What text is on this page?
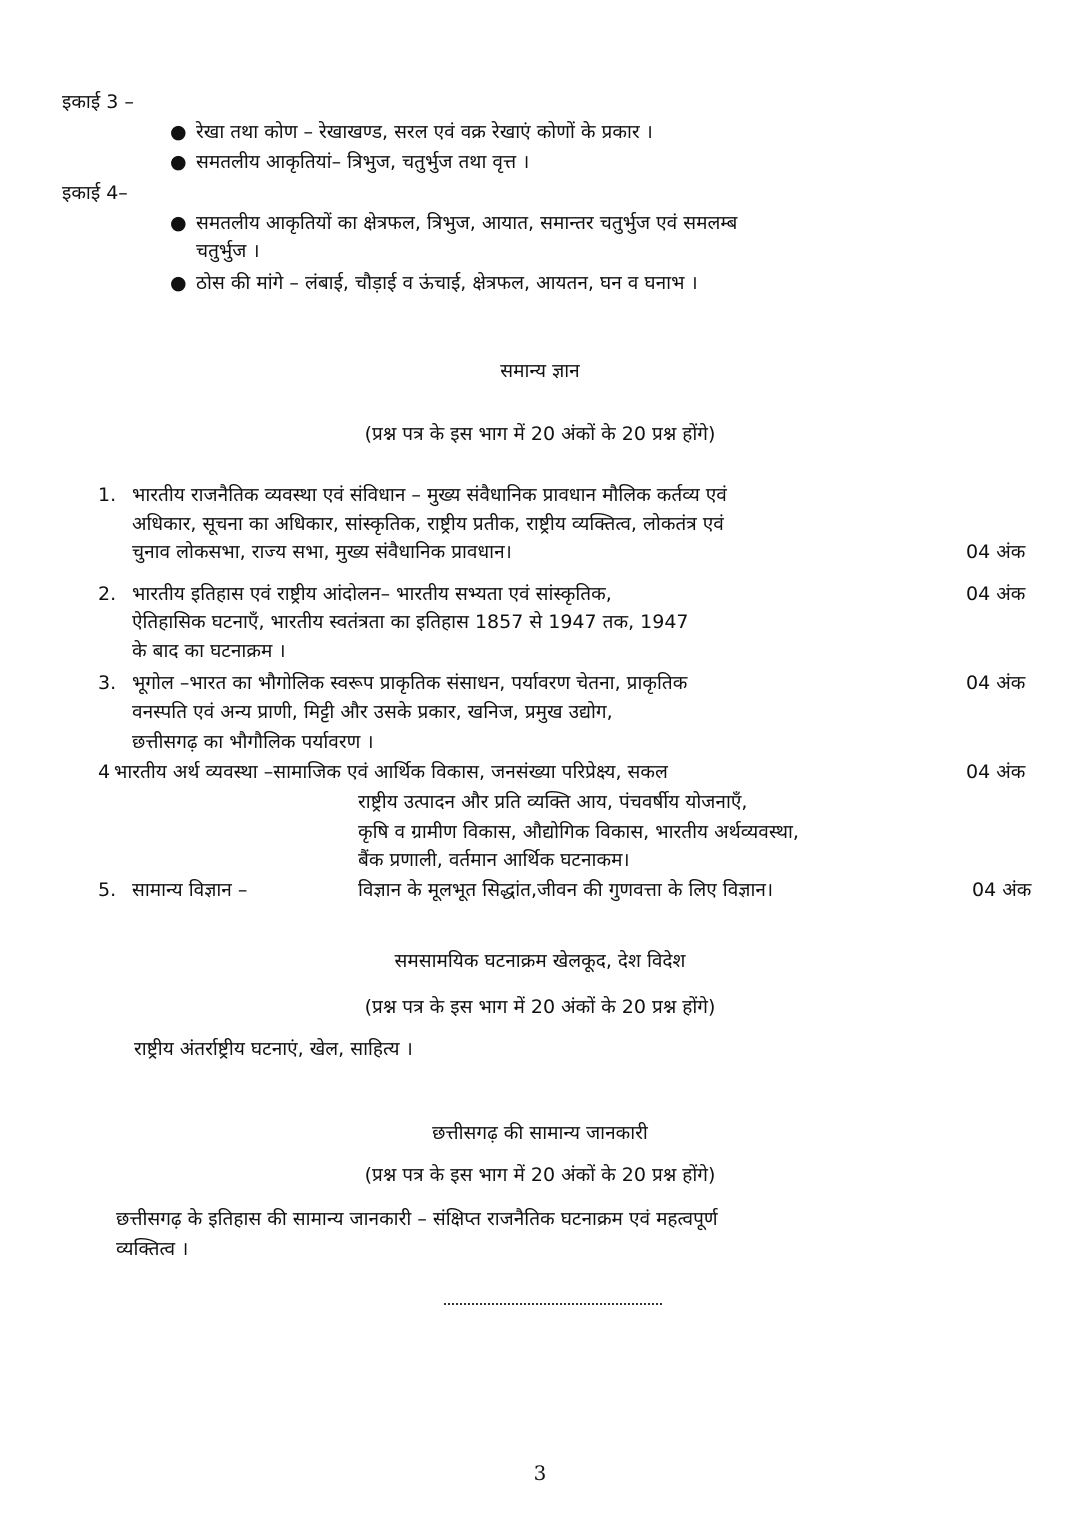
इकाई 3 –
● रेखा तथा कोण – रेखाखण्ड, सरल एवं वक्र रेखाएं कोणों के प्रकार ।
● समतलीय आकृतियां– त्रिभुज, चतुर्भुज तथा वृत्त ।
इकाई 4–
● समतलीय आकृतियों का क्षेत्रफल, त्रिभुज, आयात, समान्तर चतुर्भुज एवं समलम्ब
चतुर्भुज ।
● ठोस की मांगे – लंबाई, चौड़ाई व ऊंचाई, क्षेत्रफल, आयतन, घन व घनाभ ।
समान्य ज्ञान
(प्रश्न पत्र के इस भाग में 20 अंकों के 20 प्रश्न होंगे)
1. भारतीय राजनैतिक व्यवस्था एवं संविधान – मुख्य संवैधानिक प्रावधान मौलिक कर्तव्य एवं
अधिकार, सूचना का अधिकार, सांस्कृतिक, राष्ट्रीय प्रतीक, राष्ट्रीय व्यक्तित्व, लोकतंत्र एवं
चुनाव लोकसभा, राज्य सभा, मुख्य संवैधानिक प्रावधान।	04 अंक
2. भारतीय इतिहास एवं राष्ट्रीय आंदोलन– भारतीय सभ्यता एवं सांस्कृतिक,	04 अंक
ऐतिहासिक घटनाएँ, भारतीय स्वतंत्रता का इतिहास 1857 से 1947 तक, 1947
के बाद का घटनाक्रम ।
3. भूगोल –भारत का भौगोलिक स्वरूप प्राकृतिक संसाधन, पर्यावरण चेतना, प्राकृतिक	04 अंक
वनस्पति एवं अन्य प्राणी, मिट्टी और उसके प्रकार, खनिज, प्रमुख उद्योग,
छत्तीसगढ़ का भौगौलिक पर्यावरण ।
4 भारतीय अर्थ व्यवस्था –सामाजिक एवं आर्थिक विकास, जनसंख्या परिप्रेक्ष्य, सकल	04 अंक
राष्ट्रीय उत्पादन और प्रति व्यक्ति आय, पंचवर्षीय योजनाएँ,
कृषि व ग्रामीण विकास, औद्योगिक विकास, भारतीय अर्थव्यवस्था,
बैंक प्रणाली, वर्तमान आर्थिक घटनाकम।
5. सामान्य विज्ञान –	विज्ञान के मूलभूत सिद्धांत,जीवन की गुणवत्ता के लिए विज्ञान।	04 अंक
समसामयिक घटनाक्रम खेलकूद, देश विदेश
(प्रश्न पत्र के इस भाग में 20 अंकों के 20 प्रश्न होंगे)
राष्ट्रीय अंतर्राष्ट्रीय घटनाएं, खेल, साहित्य ।
छत्तीसगढ़ की सामान्य जानकारी
(प्रश्न पत्र के इस भाग में 20 अंकों के 20 प्रश्न होंगे)
छत्तीसगढ़ के इतिहास की सामान्य जानकारी – संक्षिप्त राजनैतिक घटनाक्रम एवं महत्वपूर्ण
व्यक्तित्व ।
3
